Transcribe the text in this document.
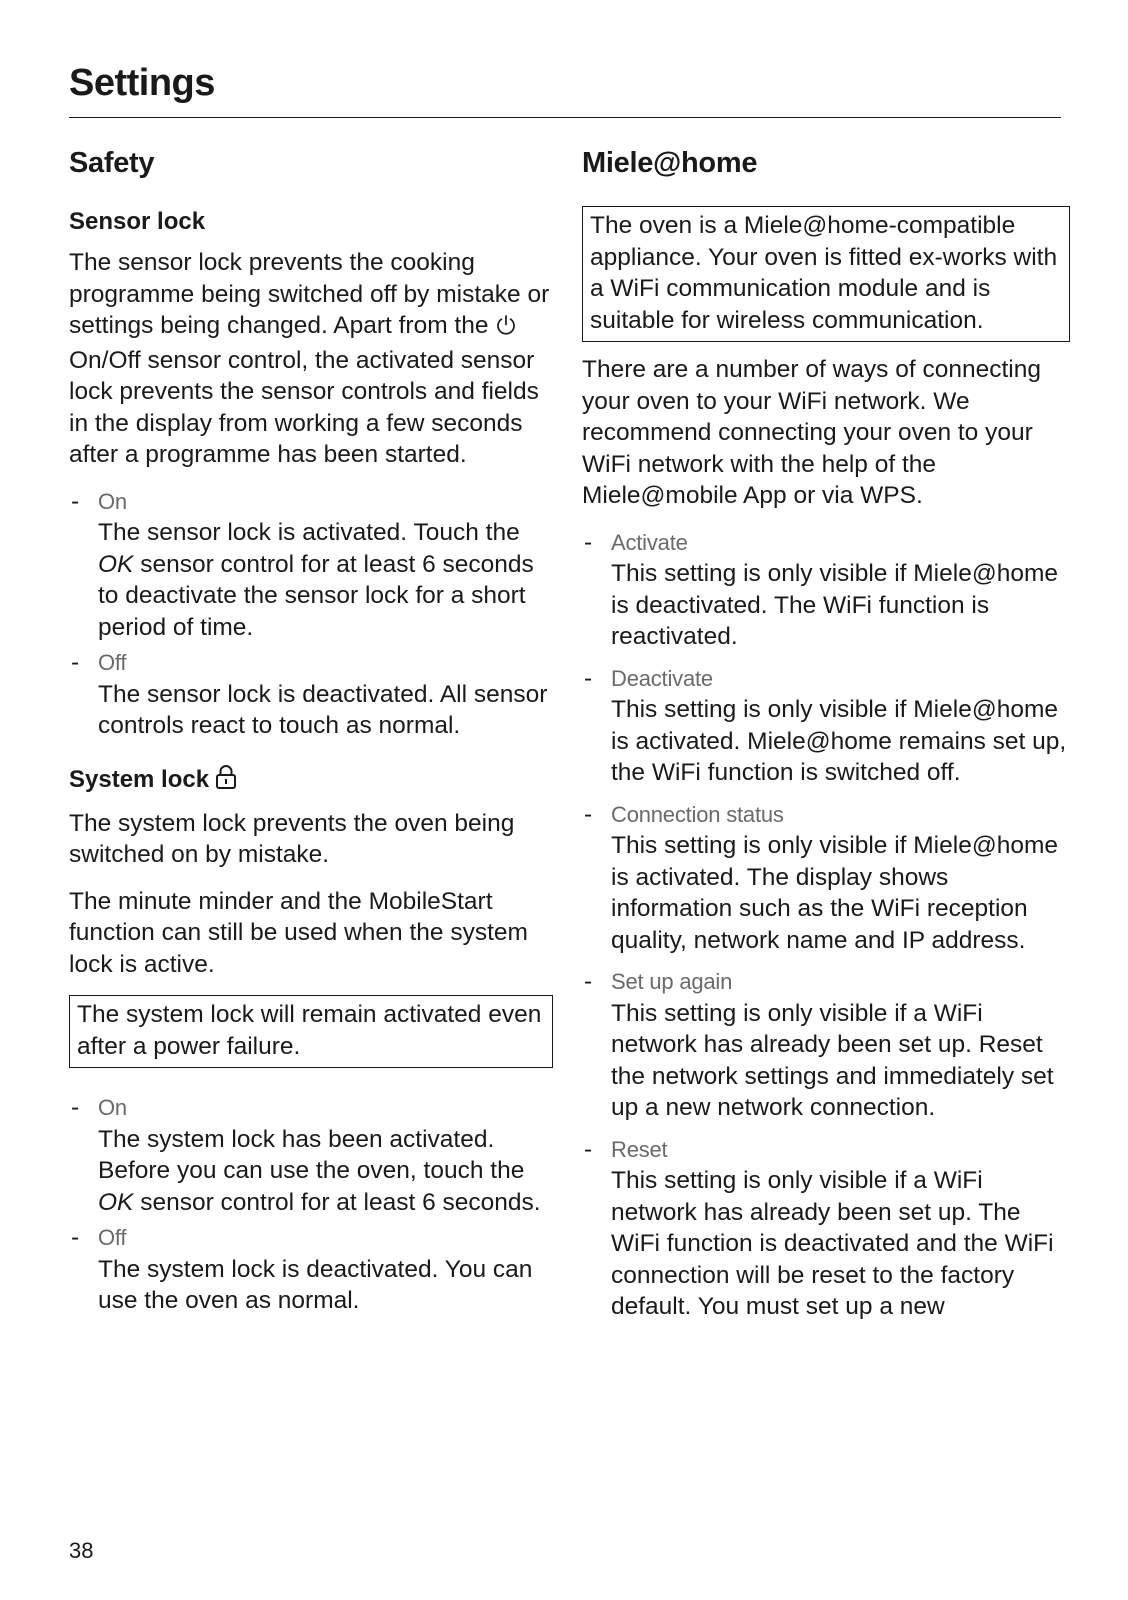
Settings
Safety
Sensor lock

The sensor lock prevents the cooking programme being switched off by mistake or settings being changed. Apart from the  On/Off sensor control, the activated sensor lock prevents the sensor controls and fields in the display from working a few seconds after a programme has been started.

- On
The sensor lock is activated. Touch the OK sensor control for at least 6 seconds to deactivate the sensor lock for a short period of time.
- Off
The sensor lock is deactivated. All sensor controls react to touch as normal.
System lock

The system lock prevents the oven being switched on by mistake.

The minute minder and the MobileStart function can still be used when the system lock is active.

The system lock will remain activated even after a power failure.
- On
The system lock has been activated. Before you can use the oven, touch the OK sensor control for at least 6 seconds.
- Off
The system lock is deactivated. You can use the oven as normal.
Miele@home
The oven is a Miele@home-compatible appliance. Your oven is fitted ex-works with a WiFi communication module and is suitable for wireless communication.

There are a number of ways of connecting your oven to your WiFi network. We recommend connecting your oven to your WiFi network with the help of the Miele@mobile App or via WPS.

- Activate
This setting is only visible if Miele@home is deactivated. The WiFi function is reactivated.
- Deactivate
This setting is only visible if Miele@home is activated. Miele@home remains set up, the WiFi function is switched off.
- Connection status
This setting is only visible if Miele@home is activated. The display shows information such as the WiFi reception quality, network name and IP address.
- Set up again
This setting is only visible if a WiFi network has already been set up. Reset the network settings and immediately set up a new network connection.
- Reset
This setting is only visible if a WiFi network has already been set up. The WiFi function is deactivated and the WiFi connection will be reset to the factory default. You must set up a new
38
